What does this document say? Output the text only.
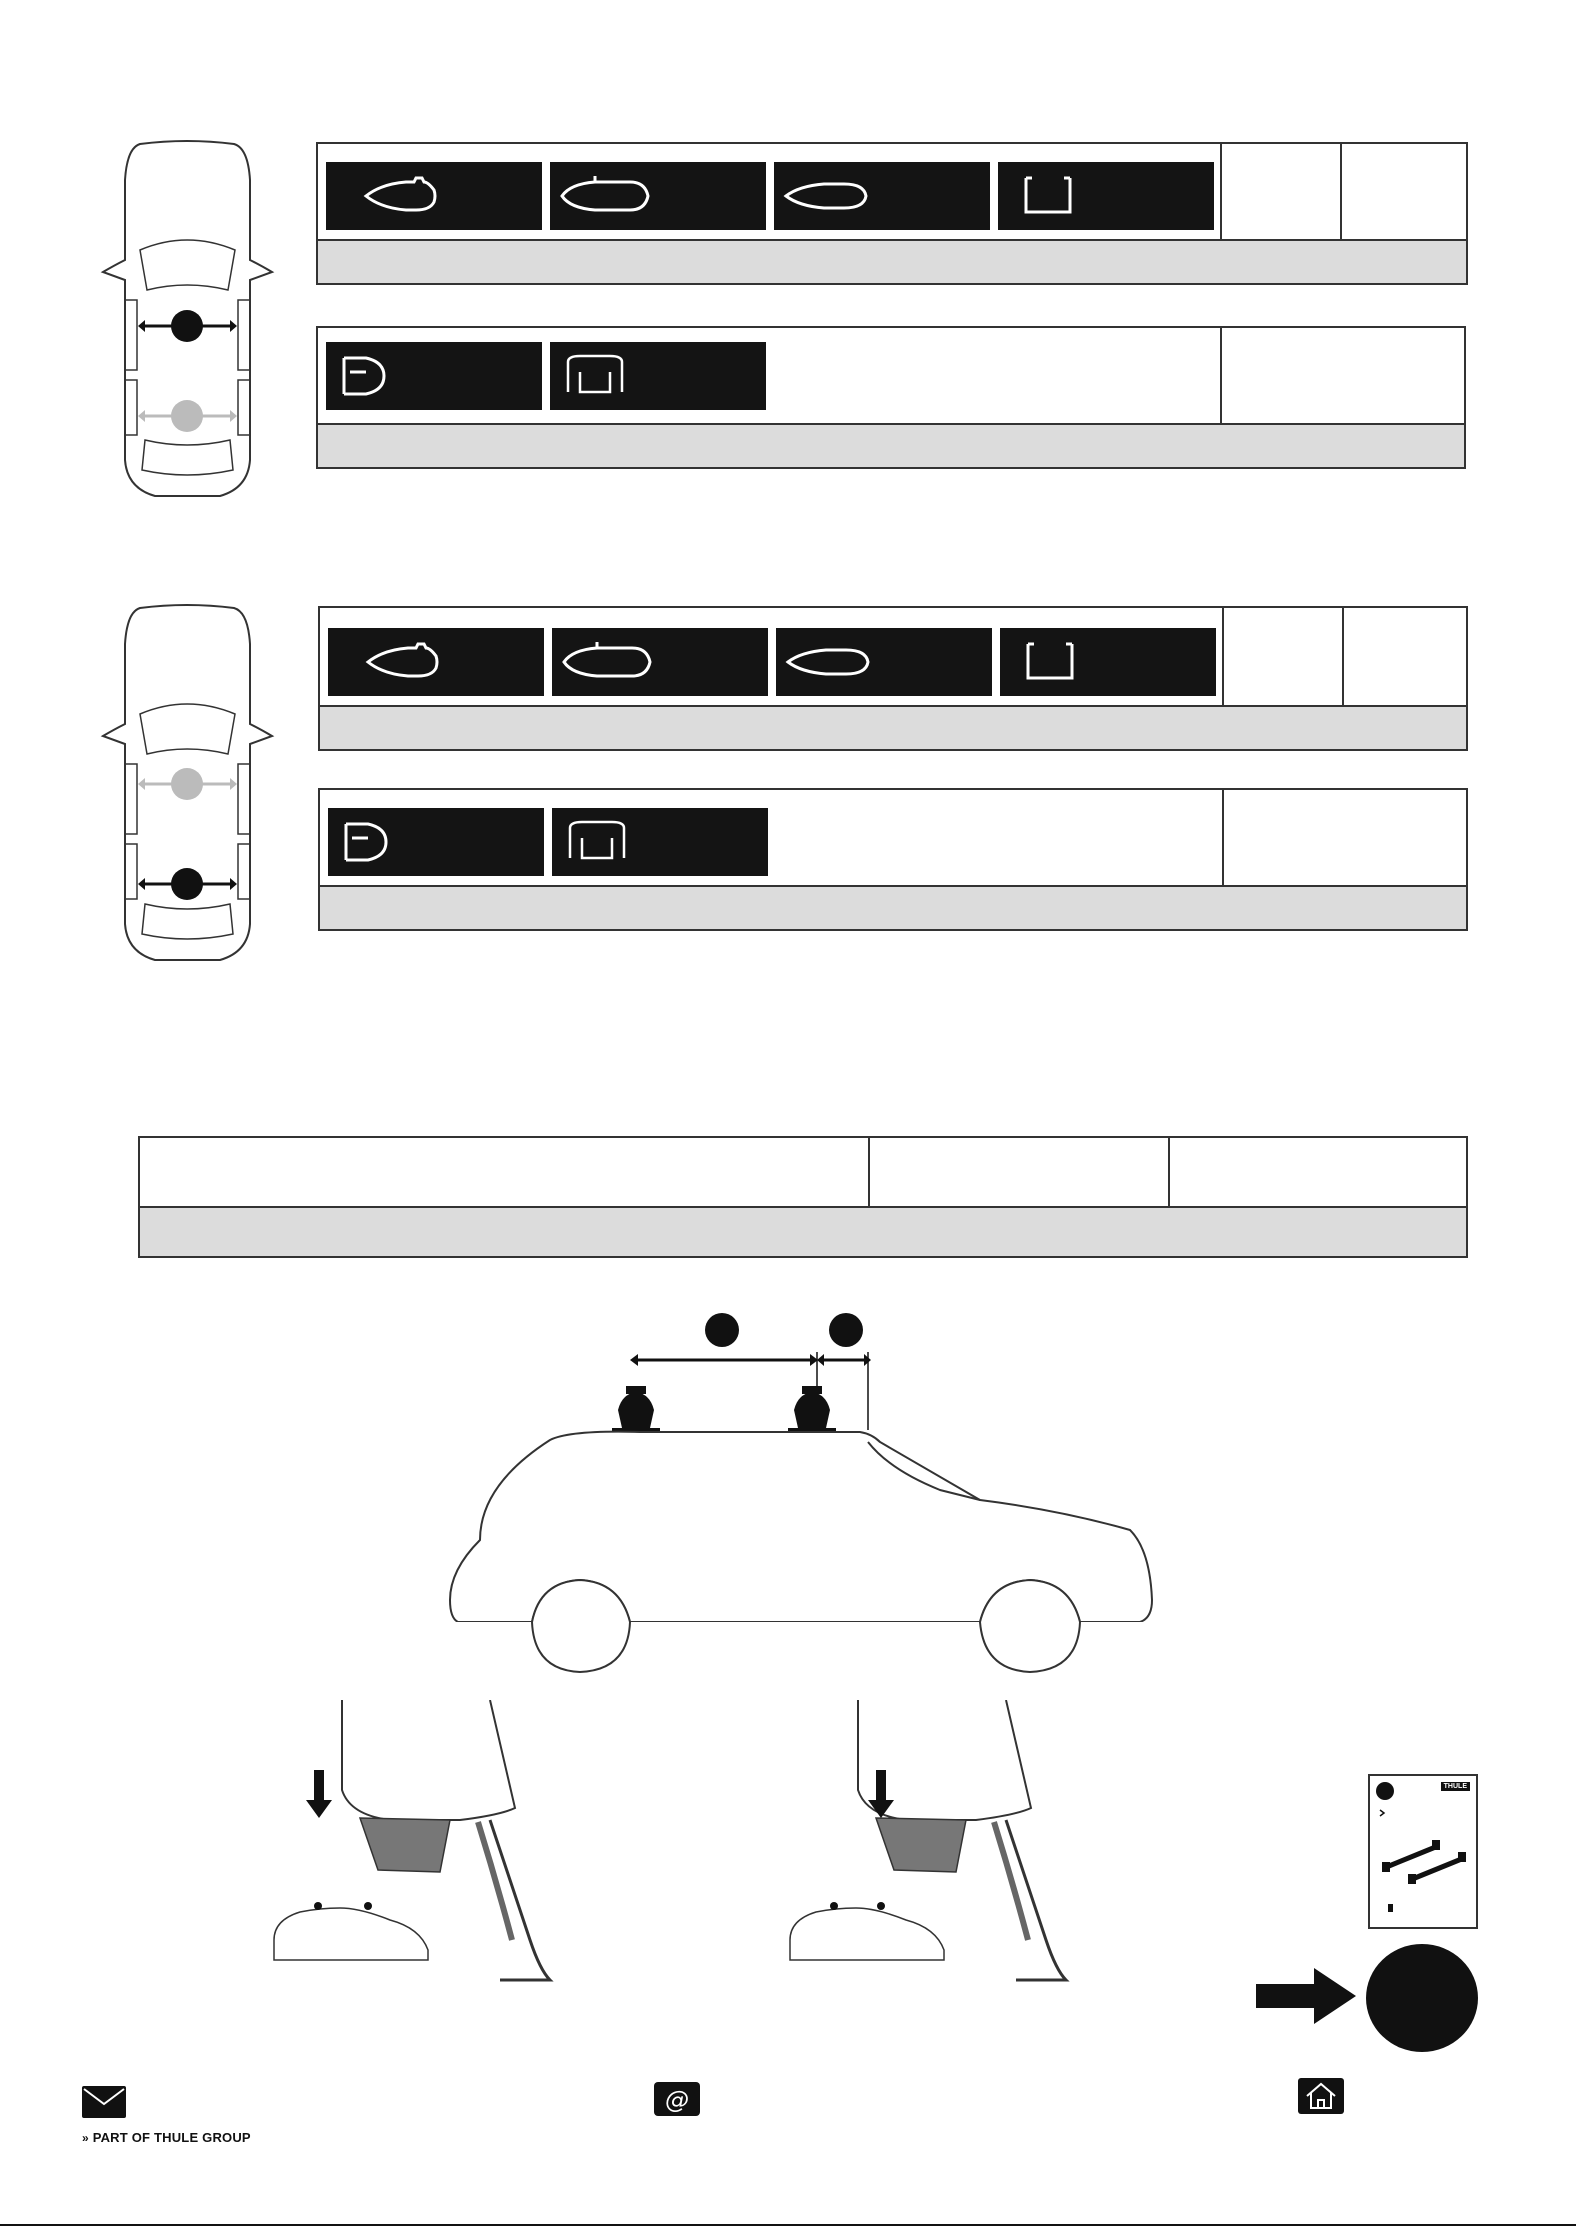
THULE
» PART OF THULE GROUP
@
